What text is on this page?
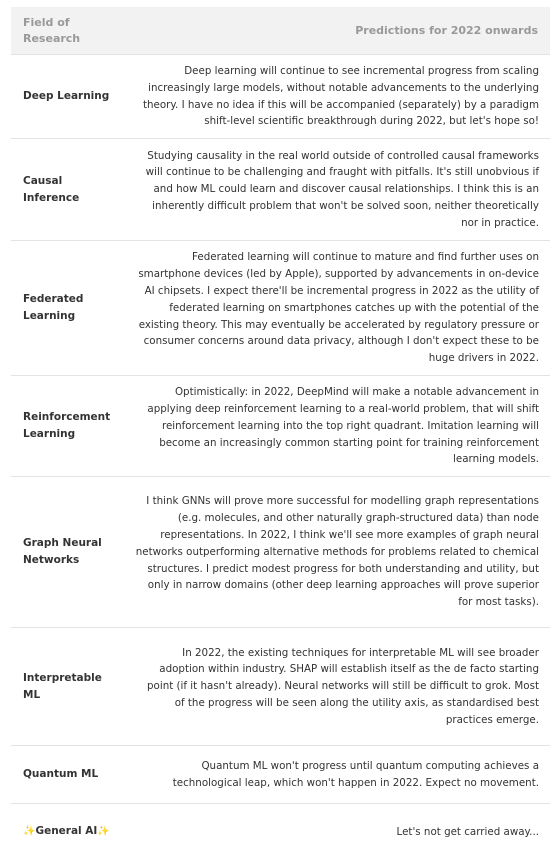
Field of Research	Predictions for 2022 onwards
Deep Learning	Deep learning will continue to see incremental progress from scaling increasingly large models, without notable advancements to the underlying theory. I have no idea if this will be accompanied (separately) by a paradigm shift-level scientific breakthrough during 2022, but let's hope so!
Causal Inference	Studying causality in the real world outside of controlled causal frameworks will continue to be challenging and fraught with pitfalls. It's still unobvious if and how ML could learn and discover causal relationships. I think this is an inherently difficult problem that won't be solved soon, neither theoretically nor in practice.
Federated Learning	Federated learning will continue to mature and find further uses on smartphone devices (led by Apple), supported by advancements in on-device AI chipsets. I expect there'll be incremental progress in 2022 as the utility of federated learning on smartphones catches up with the potential of the existing theory. This may eventually be accelerated by regulatory pressure or consumer concerns around data privacy, although I don't expect these to be huge drivers in 2022.
Reinforcement Learning	Optimistically: in 2022, DeepMind will make a notable advancement in applying deep reinforcement learning to a real-world problem, that will shift reinforcement learning into the top right quadrant. Imitation learning will become an increasingly common starting point for training reinforcement learning models.
Graph Neural Networks	I think GNNs will prove more successful for modelling graph representations (e.g. molecules, and other naturally graph-structured data) than node representations. In 2022, I think we'll see more examples of graph neural networks outperforming alternative methods for problems related to chemical structures. I predict modest progress for both understanding and utility, but only in narrow domains (other deep learning approaches will prove superior for most tasks).
Interpretable ML	In 2022, the existing techniques for interpretable ML will see broader adoption within industry. SHAP will establish itself as the de facto starting point (if it hasn't already). Neural networks will still be difficult to grok. Most of the progress will be seen along the utility axis, as standardised best practices emerge.
Quantum ML	Quantum ML won't progress until quantum computing achieves a technological leap, which won't happen in 2022. Expect no movement.
✨General AI✨	Let's not get carried away...
